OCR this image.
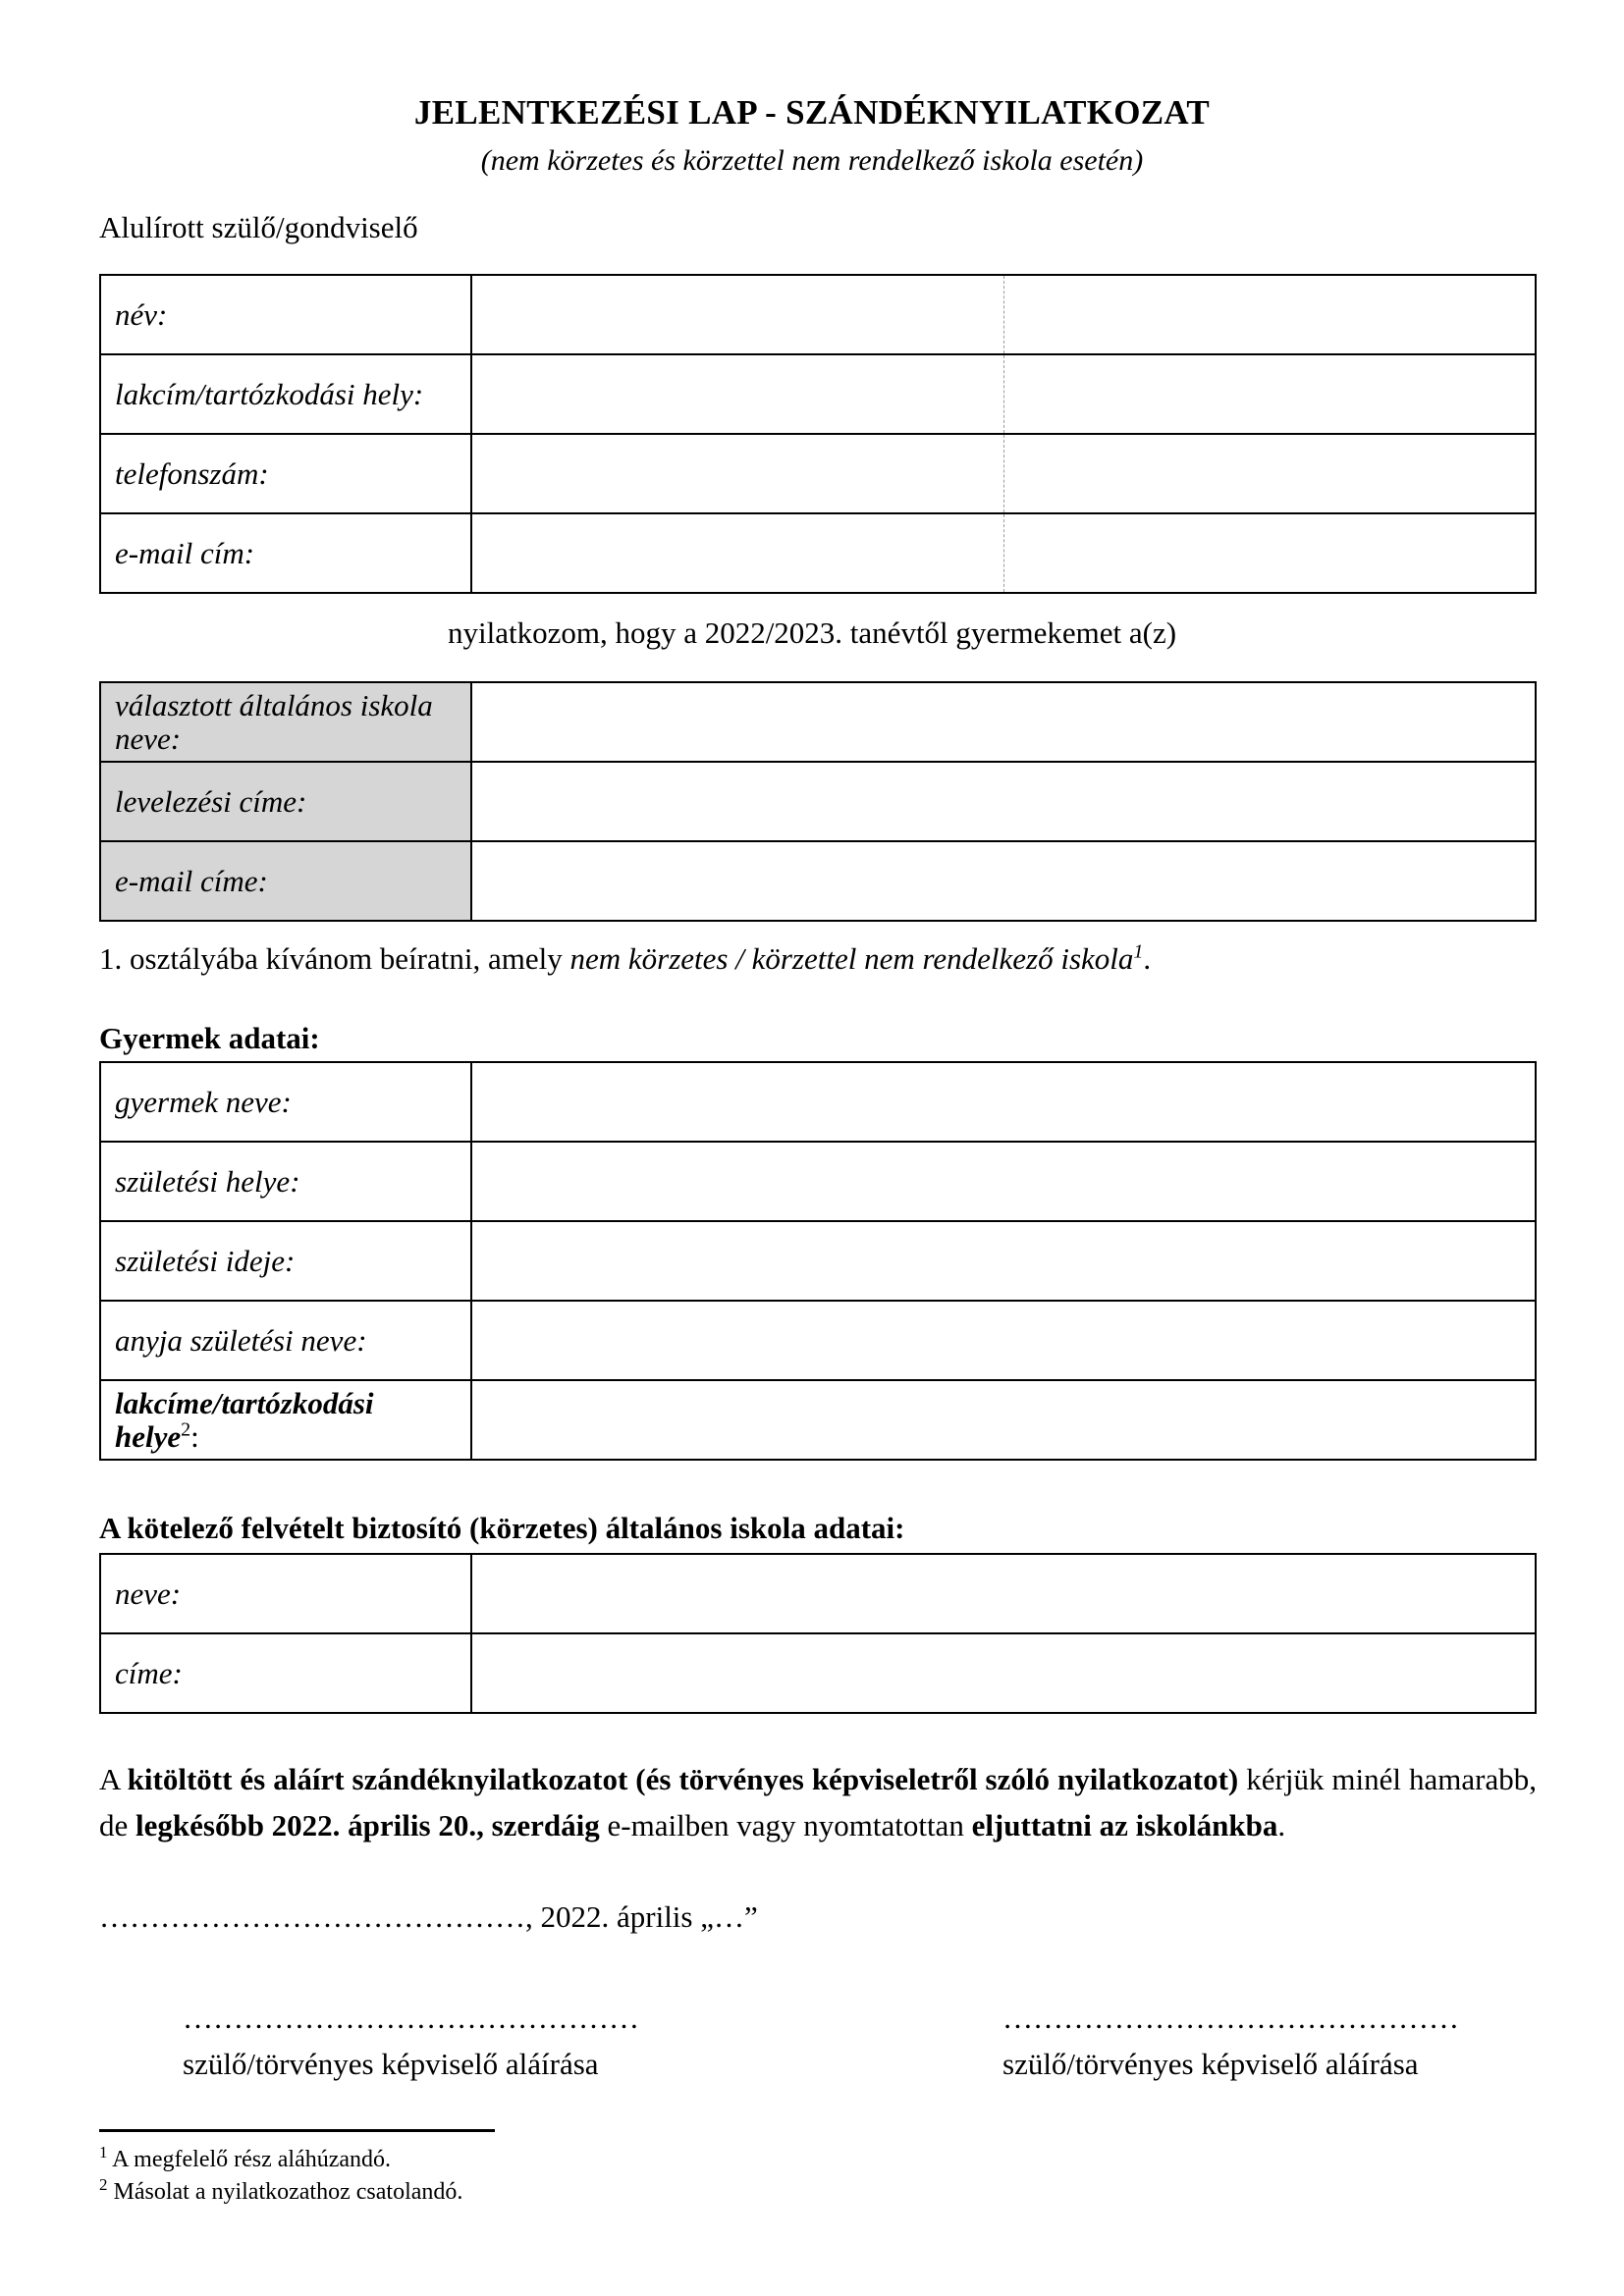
JELENTKEZÉSI LAP - SZÁNDÉKNYILATKOZAT
(nem körzetes és körzettel nem rendelkező iskola esetén)
Alulírott szülő/gondviselő
név:		
lakcím/tartózkodási hely:		
telefonszám:		
e-mail cím:		
nyilatkozom, hogy a 2022/2023. tanévtől gyermekemet a(z)
választott általános iskola neve:	
levelezési címe:	
e-mail címe:	
1. osztályába kívánom beíratni, amely nem körzetes / körzettel nem rendelkező iskola$^1$.
Gyermek adatai:
gyermek neve:	
születési helye:	
születési ideje:	
anyja születési neve:	
lakcíme/tartózkodási helye$^2$:	
A kötelező felvételt biztosító (körzetes) általános iskola adatai:
neve:	
címe:	
A kitöltött és aláírt szándéknyilatkozatot (és törvényes képviseletről szóló nyilatkozatot) kérjük minél hamarabb, de legkésőbb 2022. április 20., szerdáig e-mailben vagy nyomtatottan eljuttatni az iskolánkba.
……………………………………, 2022. április „…”
………………………………………
szülő/törvényes képviselő aláírása
………………………………………
szülő/törvényes képviselő aláírása
$^1$ A megfelelő rész aláhúzandó.
$^2$ Másolat a nyilatkozathoz csatolandó.
